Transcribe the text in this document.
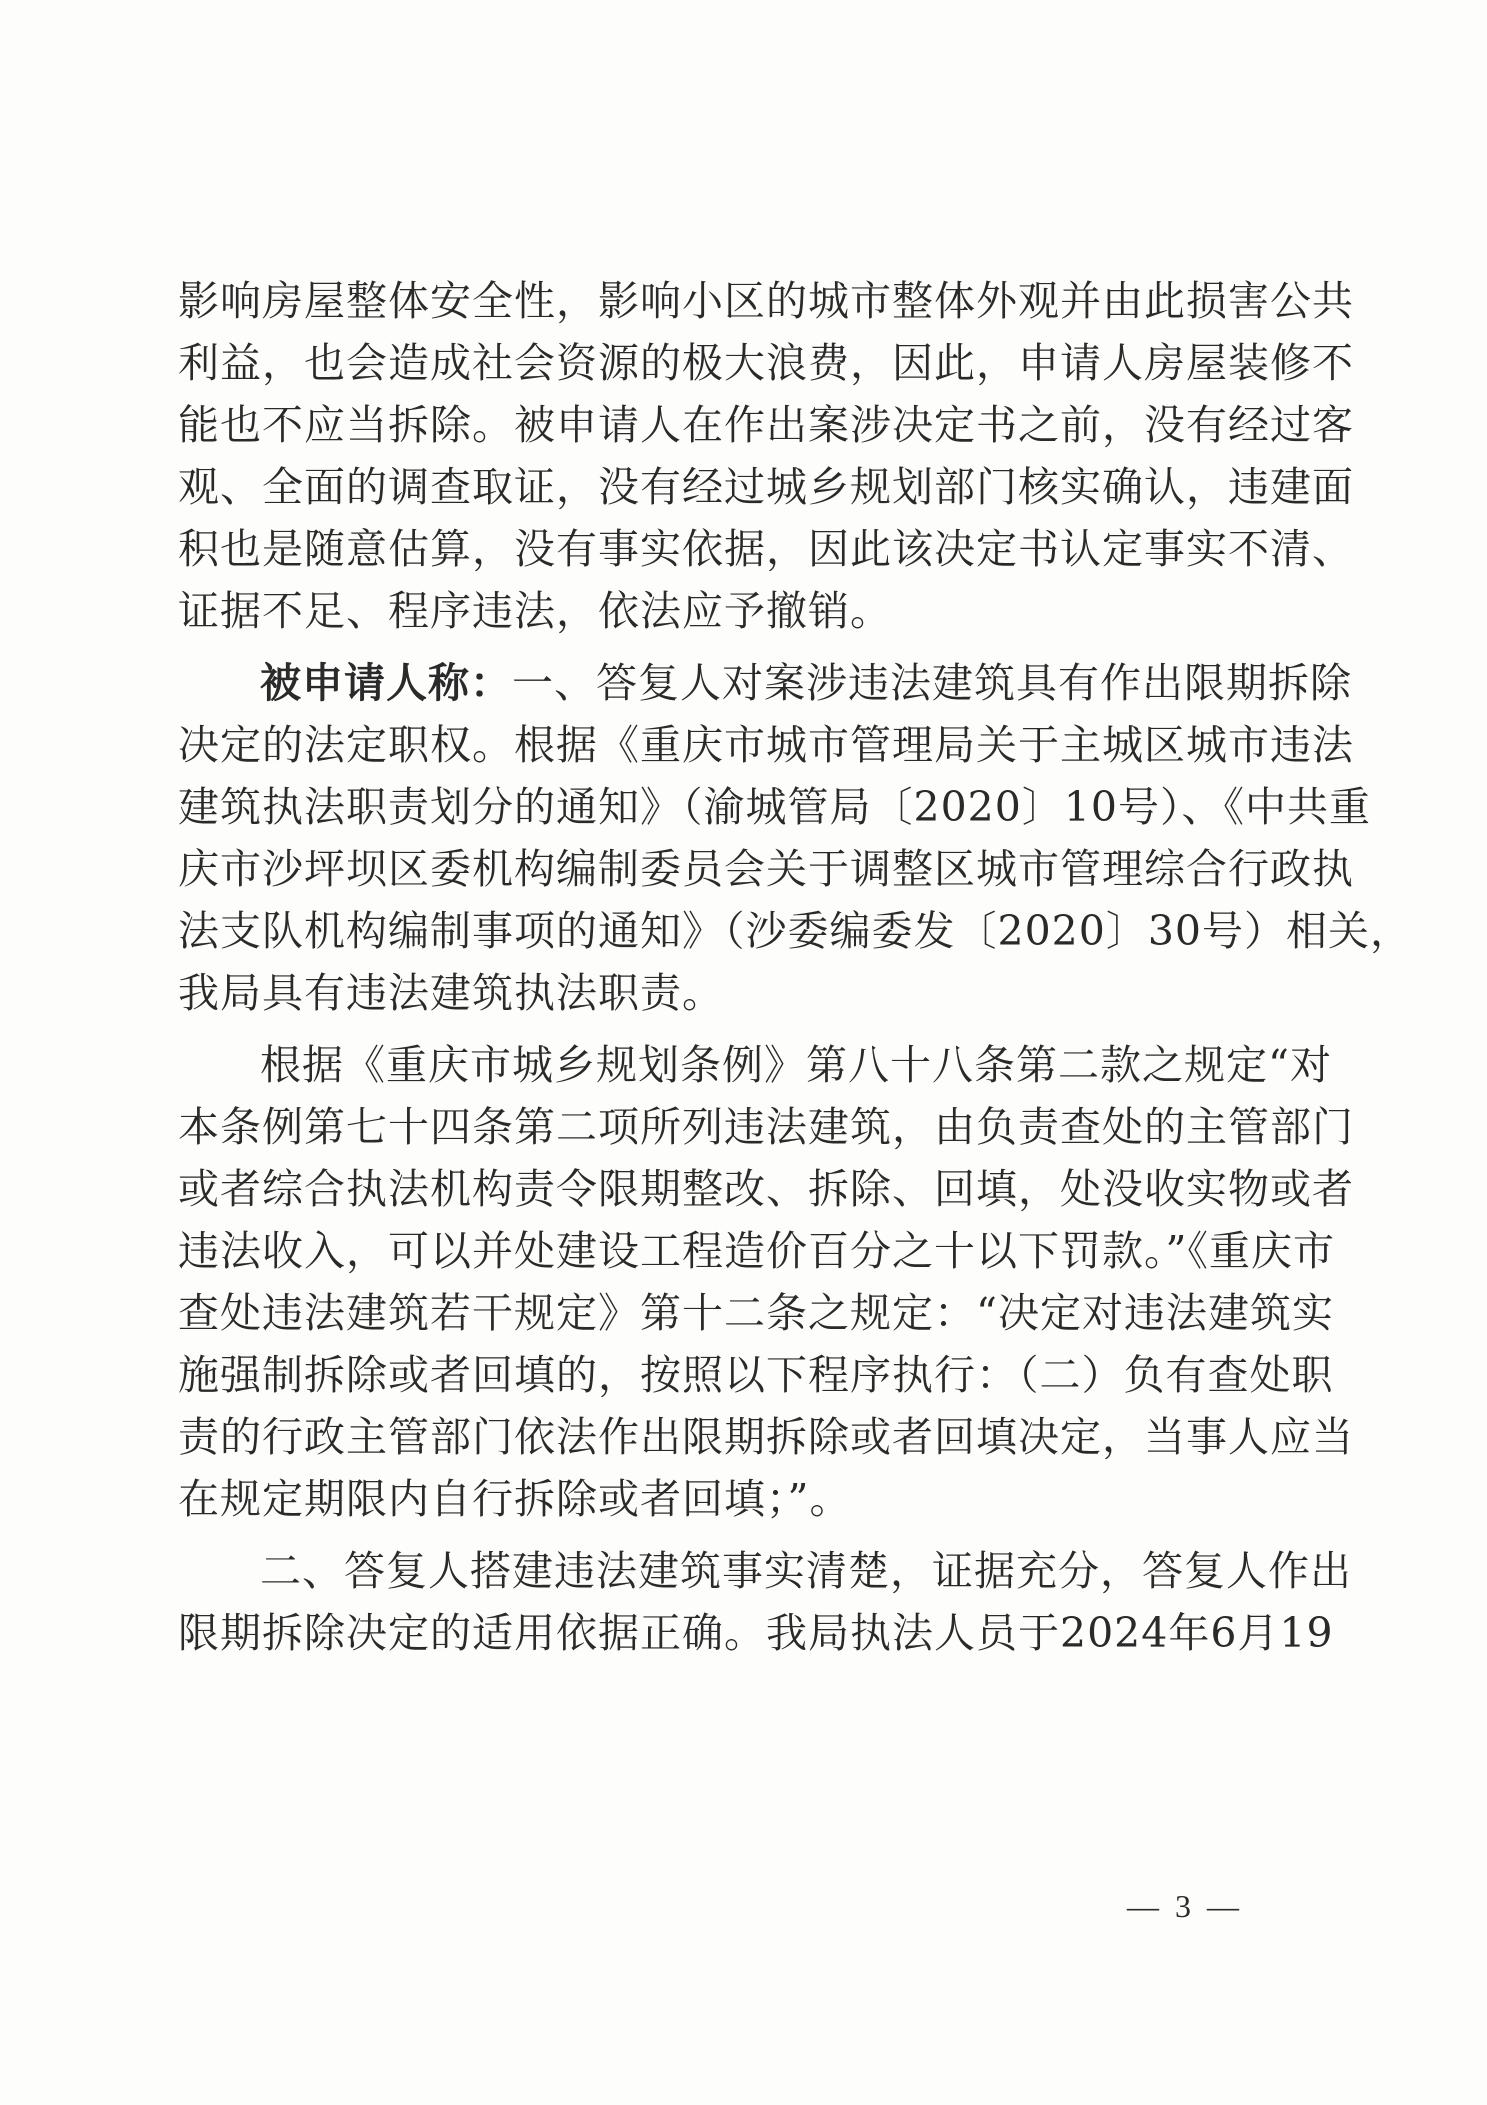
影响房屋整体安全性，影响小区的城市整体外观并由此损害公共
利益，也会造成社会资源的极大浪费，因此，申请人房屋装修不
能也不应当拆除。被申请人在作出案涉决定书之前，没有经过客
观、全面的调查取证，没有经过城乡规划部门核实确认，违建面
积也是随意估算，没有事实依据，因此该决定书认定事实不清、
证据不足、程序违法，依法应予撤销。
被申请人称：一、答复人对案涉违法建筑具有作出限期拆除
决定的法定职权。根据《重庆市城市管理局关于主城区城市违法
建筑执法职责划分的通知》（渝城管局〔2020〕10号）、《中共重
庆市沙坪坝区委机构编制委员会关于调整区城市管理综合行政执
法支队机构编制事项的通知》（沙委编委发〔2020〕30号）相关，
我局具有违法建筑执法职责。
根据《重庆市城乡规划条例》第八十八条第二款之规定“对
本条例第七十四条第二项所列违法建筑，由负责查处的主管部门
或者综合执法机构责令限期整改、拆除、回填，处没收实物或者
违法收入，可以并处建设工程造价百分之十以下罚款。”《重庆市
查处违法建筑若干规定》第十二条之规定：“决定对违法建筑实
施强制拆除或者回填的，按照以下程序执行：（二）负有查处职
责的行政主管部门依法作出限期拆除或者回填决定，当事人应当
在规定期限内自行拆除或者回填；”。
二、答复人搭建违法建筑事实清楚，证据充分，答复人作出
限期拆除决定的适用依据正确。我局执法人员于2024年6月19
— 3 —
